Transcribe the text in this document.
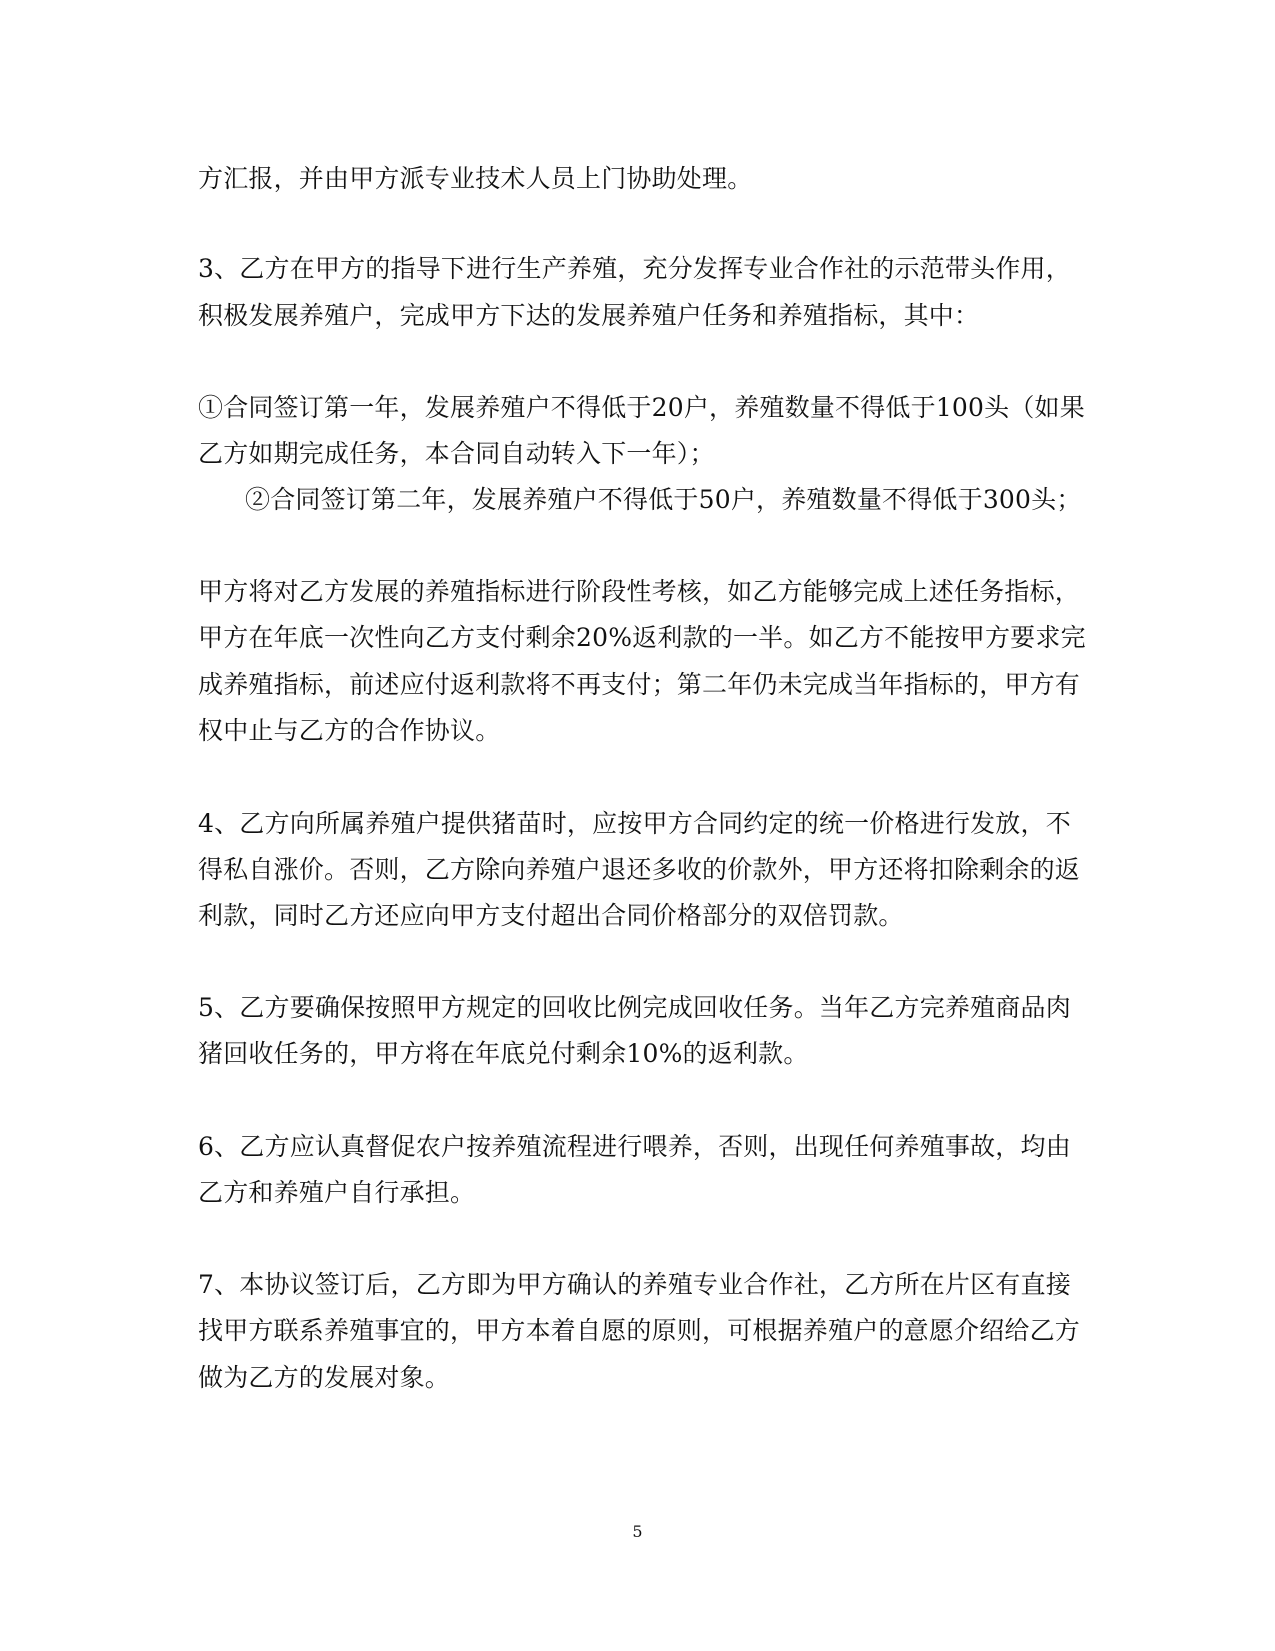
方汇报，并由甲方派专业技术人员上门协助处理。
3、乙方在甲方的指导下进行生产养殖，充分发挥专业合作社的示范带头作用，
积极发展养殖户，完成甲方下达的发展养殖户任务和养殖指标，其中：
①合同签订第一年，发展养殖户不得低于20户，养殖数量不得低于100头（如果
乙方如期完成任务，本合同自动转入下一年）；
②合同签订第二年，发展养殖户不得低于50户，养殖数量不得低于300头；
甲方将对乙方发展的养殖指标进行阶段性考核，如乙方能够完成上述任务指标，
甲方在年底一次性向乙方支付剩余20%返利款的一半。如乙方不能按甲方要求完
成养殖指标，前述应付返利款将不再支付；第二年仍未完成当年指标的，甲方有
权中止与乙方的合作协议。
4、乙方向所属养殖户提供猪苗时，应按甲方合同约定的统一价格进行发放，不
得私自涨价。否则，乙方除向养殖户退还多收的价款外，甲方还将扣除剩余的返
利款，同时乙方还应向甲方支付超出合同价格部分的双倍罚款。
5、乙方要确保按照甲方规定的回收比例完成回收任务。当年乙方完养殖商品肉
猪回收任务的，甲方将在年底兑付剩余10%的返利款。
6、乙方应认真督促农户按养殖流程进行喂养，否则，出现任何养殖事故，均由
乙方和养殖户自行承担。
7、本协议签订后，乙方即为甲方确认的养殖专业合作社，乙方所在片区有直接
找甲方联系养殖事宜的，甲方本着自愿的原则，可根据养殖户的意愿介绍给乙方
做为乙方的发展对象。
5
